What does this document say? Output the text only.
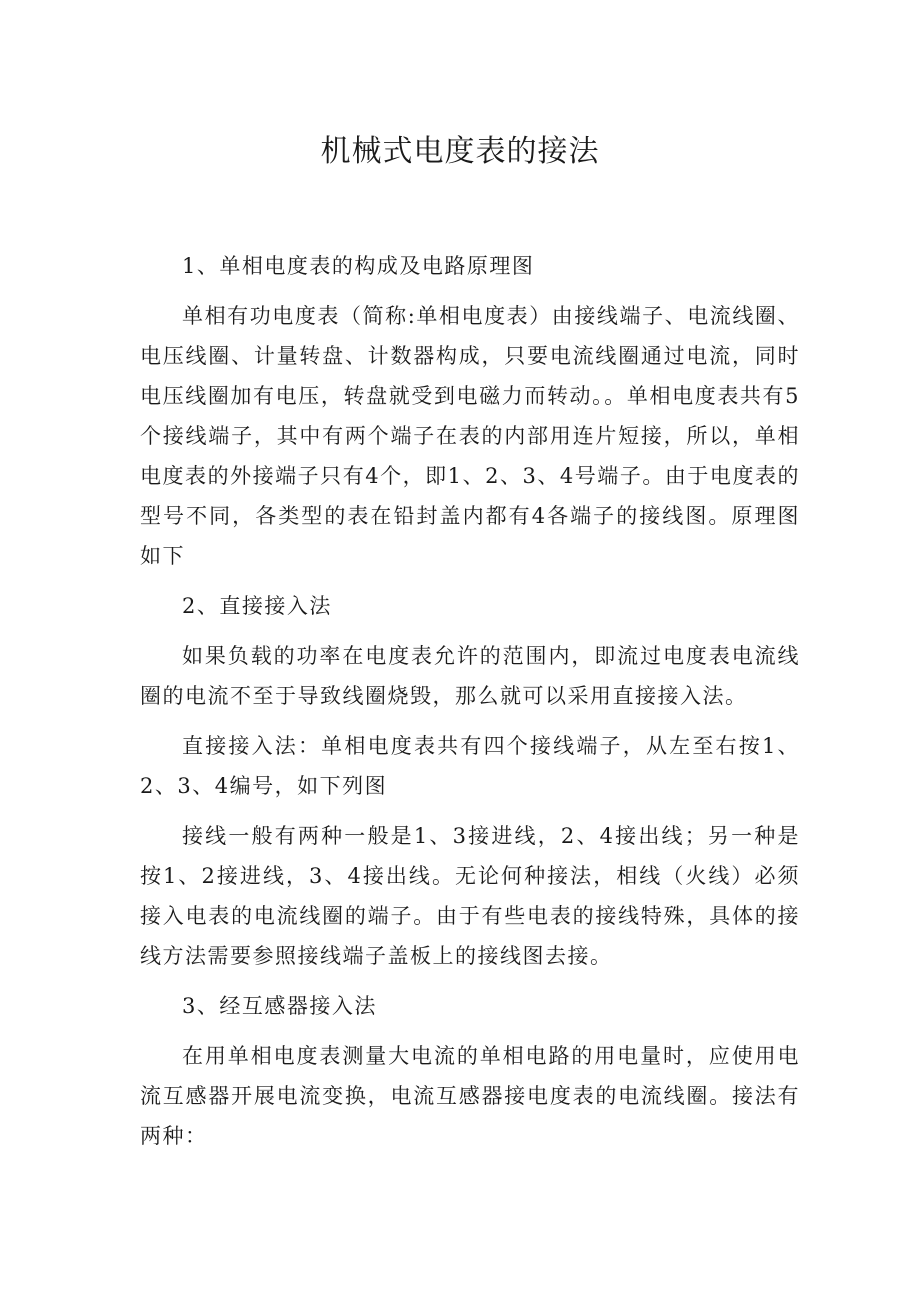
机械式电度表的接法

1、单相电度表的构成及电路原理图

单相有功电度表（简称:单相电度表）由接线端子、电流线圈、电压线圈、计量转盘、计数器构成，只要电流线圈通过电流，同时电压线圈加有电压，转盘就受到电磁力而转动。。单相电度表共有5个接线端子，其中有两个端子在表的内部用连片短接，所以，单相电度表的外接端子只有4个，即1、2、3、4号端子。由于电度表的型号不同，各类型的表在铅封盖内都有4各端子的接线图。原理图如下

2、直接接入法

如果负载的功率在电度表允许的范围内，即流过电度表电流线圈的电流不至于导致线圈烧毁，那么就可以采用直接接入法。

直接接入法：单相电度表共有四个接线端子，从左至右按1、2、3、4编号，如下列图

接线一般有两种一般是1、3接进线，2、4接出线；另一种是按1、2接进线，3、4接出线。无论何种接法，相线（火线）必须接入电表的电流线圈的端子。由于有些电表的接线特殊，具体的接线方法需要参照接线端子盖板上的接线图去接。

3、经互感器接入法

在用单相电度表测量大电流的单相电路的用电量时，应使用电流互感器开展电流变换，电流互感器接电度表的电流线圈。接法有两种：
